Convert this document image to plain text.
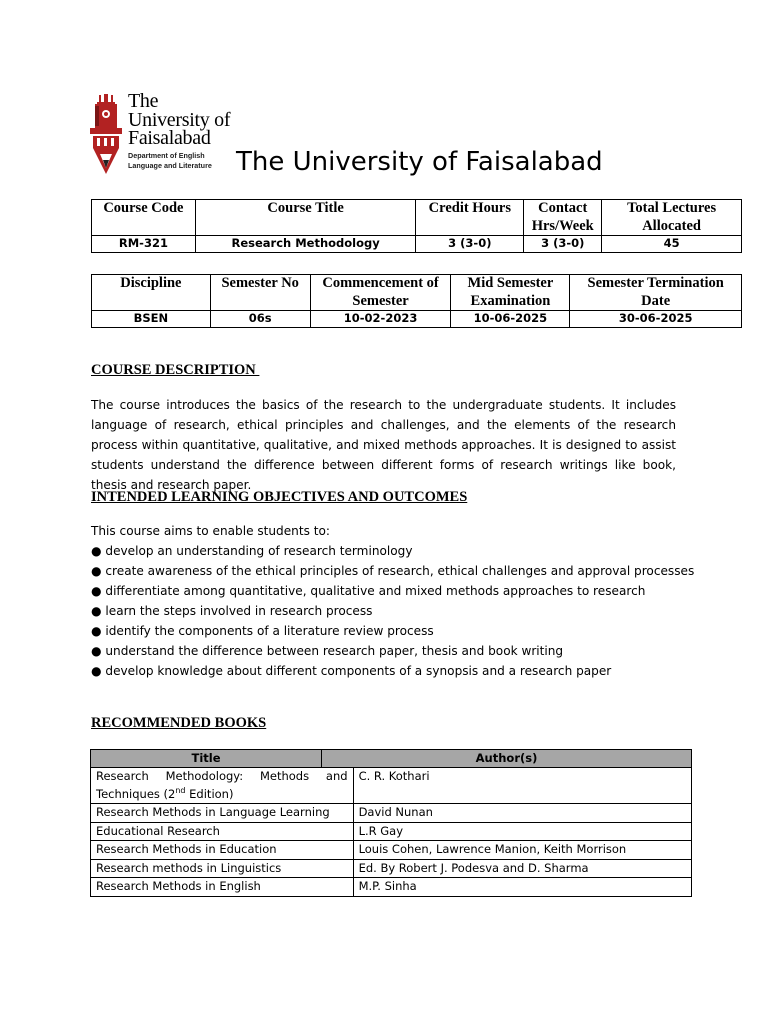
The
University of
Faisalabad
Department of English
Language and Literature The University of Faisalabad
Course Code	Course Title	Credit Hours	Contact Hrs/Week	Total Lectures Allocated
RM-321	Research Methodology	3 (3-0)	3 (3-0)	45
Discipline	Semester No	Commencement of Semester	Mid Semester Examination	Semester Termination Date
BSEN	06s	10-02-2023	10-06-2025	30-06-2025
COURSE DESCRIPTION
The course introduces the basics of the research to the undergraduate students. It includes language of research, ethical principles and challenges, and the elements of the research process within quantitative, qualitative, and mixed methods approaches. It is designed to assist students understand the difference between different forms of research writings like book, thesis and research paper.
INTENDED LEARNING OBJECTIVES AND OUTCOMES
This course aims to enable students to:
● develop an understanding of research terminology
● create awareness of the ethical principles of research, ethical challenges and approval processes
● differentiate among quantitative, qualitative and mixed methods approaches to research
● learn the steps involved in research process
● identify the components of a literature review process
● understand the difference between research paper, thesis and book writing
● develop knowledge about different components of a synopsis and a research paper
RECOMMENDED BOOKS
Title	Author(s)	

Research Methodology: Methods and
Techniques (2nd Edition)		C. R. Kothari
Research Methods in Language Learning		David Nunan
Educational Research		L.R Gay
Research Methods in Education		Louis Cohen, Lawrence Manion, Keith Morrison
Research methods in Linguistics		Ed. By Robert J. Podesva and D. Sharma
Research Methods in English		M.P. Sinha
